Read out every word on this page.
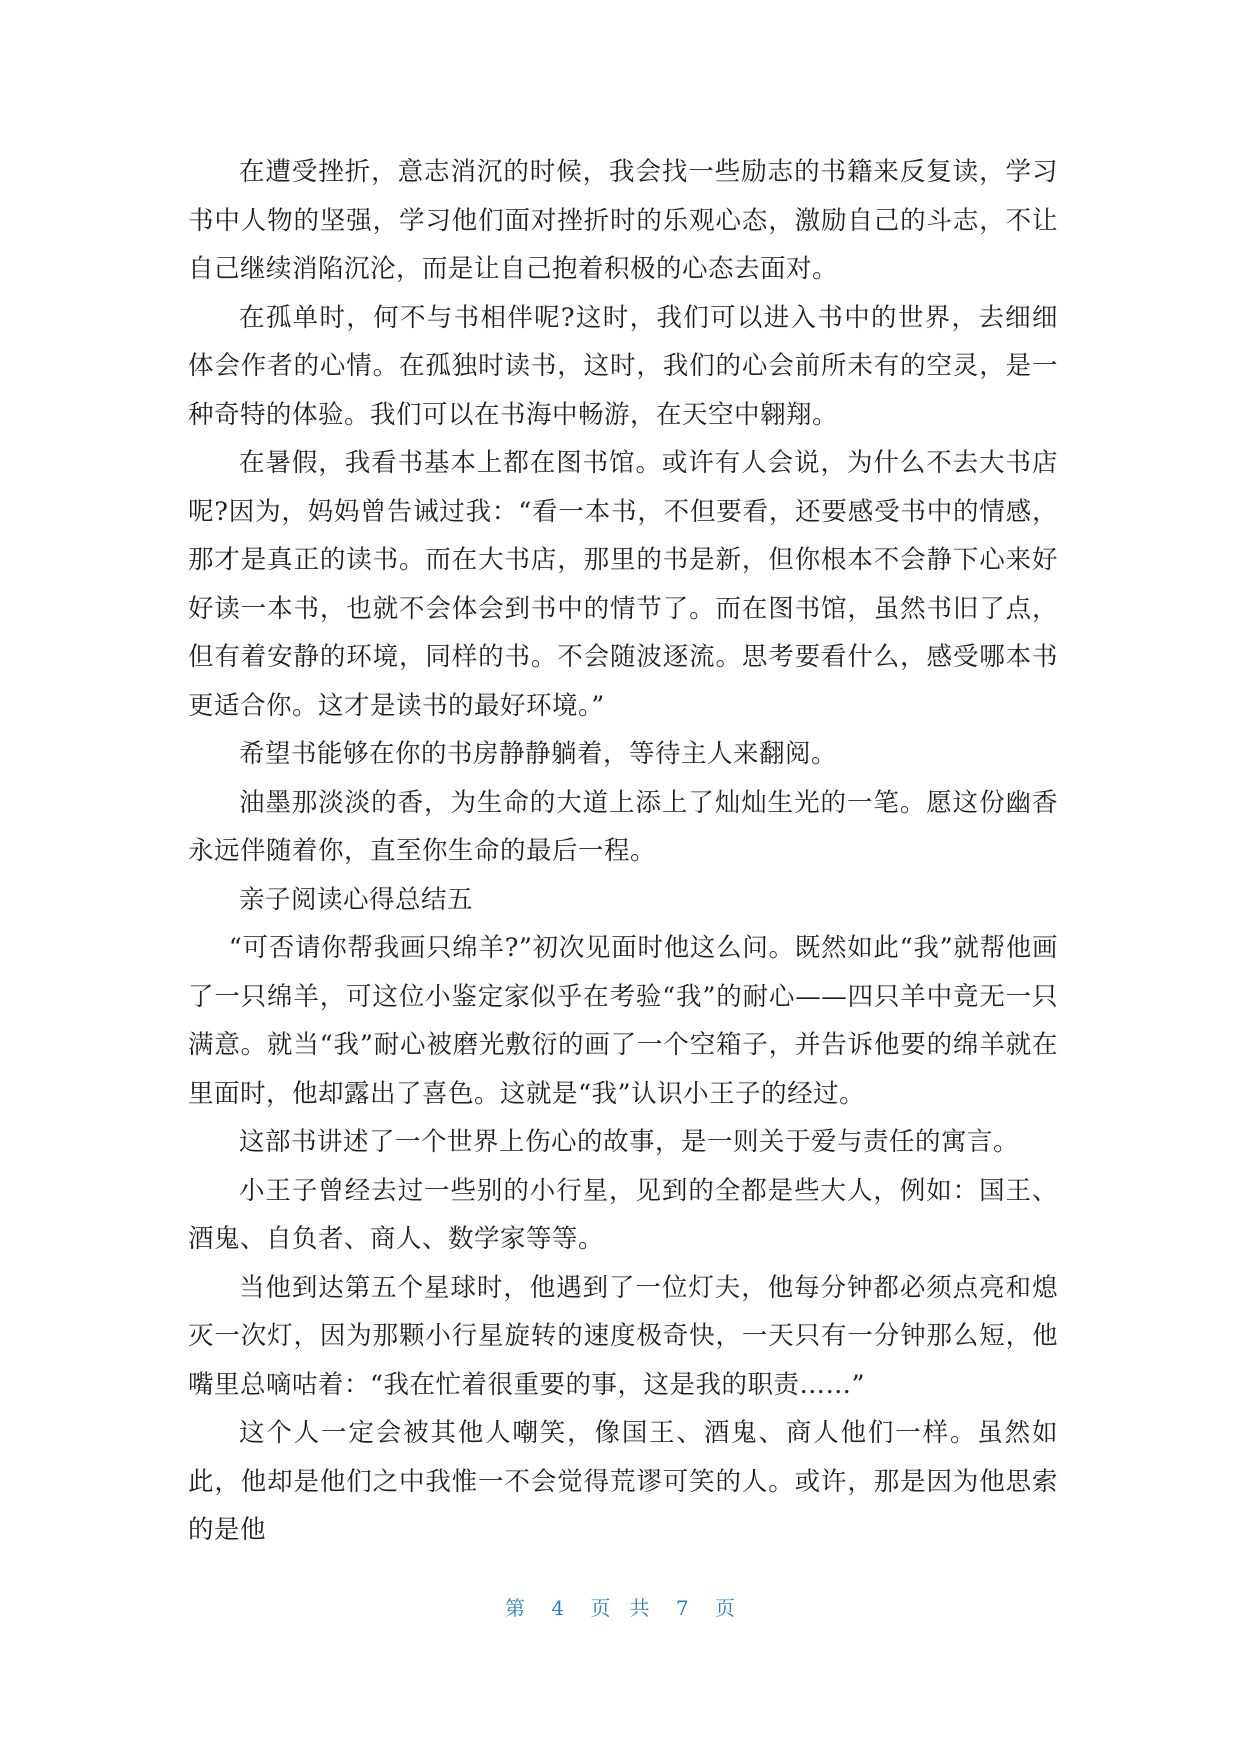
在遭受挫折，意志消沉的时候，我会找一些励志的书籍来反复读，学习书中人物的坚强，学习他们面对挫折时的乐观心态，激励自己的斗志，不让自己继续消陷沉沦，而是让自己抱着积极的心态去面对。

在孤单时，何不与书相伴呢?这时，我们可以进入书中的世界，去细细体会作者的心情。在孤独时读书，这时，我们的心会前所未有的空灵，是一种奇特的体验。我们可以在书海中畅游，在天空中翱翔。

在暑假，我看书基本上都在图书馆。或许有人会说，为什么不去大书店呢?因为，妈妈曾告诫过我：“看一本书，不但要看，还要感受书中的情感，那才是真正的读书。而在大书店，那里的书是新，但你根本不会静下心来好好读一本书，也就不会体会到书中的情节了。而在图书馆，虽然书旧了点，但有着安静的环境，同样的书。不会随波逐流。思考要看什么，感受哪本书更适合你。这才是读书的最好环境。”

希望书能够在你的书房静静躺着，等待主人来翻阅。

油墨那淡淡的香，为生命的大道上添上了灿灿生光的一笔。愿这份幽香永远伴随着你，直至你生命的最后一程。

亲子阅读心得总结五

“可否请你帮我画只绵羊?”初次见面时他这么问。既然如此“我”就帮他画了一只绵羊，可这位小鉴定家似乎在考验“我”的耐心——四只羊中竟无一只满意。就当“我”耐心被磨光敷衍的画了一个空箱子，并告诉他要的绵羊就在里面时，他却露出了喜色。这就是“我”认识小王子的经过。

这部书讲述了一个世界上伤心的故事，是一则关于爱与责任的寓言。

小王子曾经去过一些别的小行星，见到的全都是些大人，例如：国王、酒鬼、自负者、商人、数学家等等。

当他到达第五个星球时，他遇到了一位灯夫，他每分钟都必须点亮和熄灭一次灯，因为那颗小行星旋转的速度极奇快，一天只有一分钟那么短，他嘴里总嘀咕着：“我在忙着很重要的事，这是我的职责……”

这个人一定会被其他人嘲笑，像国王、酒鬼、商人他们一样。虽然如此，他却是他们之中我惟一不会觉得荒谬可笑的人。或许，那是因为他思索的是他

第 4 页 共 7 页
